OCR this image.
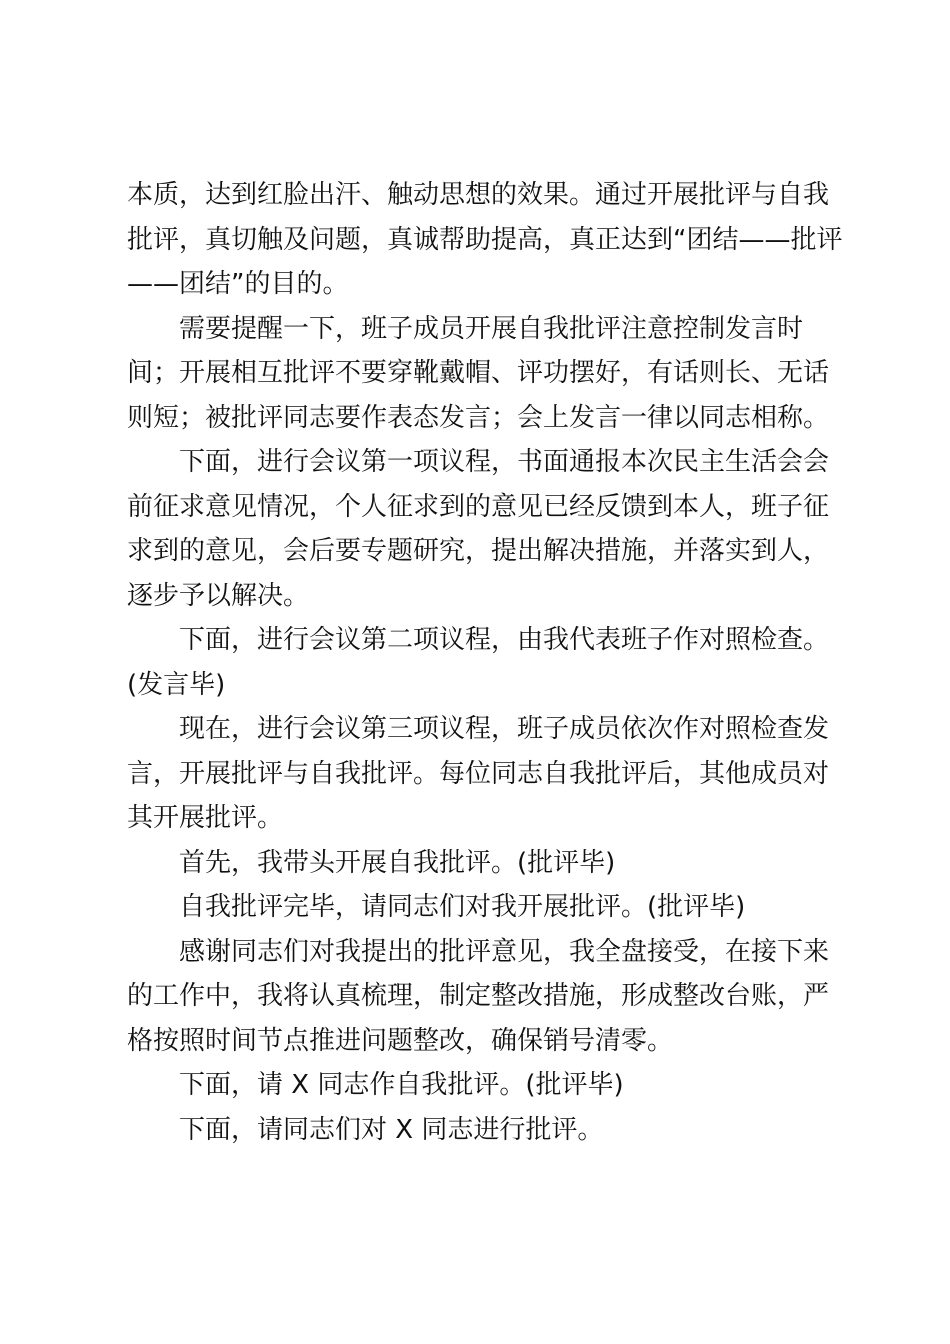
本质，达到红脸出汗、触动思想的效果。通过开展批评与自我
批评，真切触及问题，真诚帮助提高，真正达到“团结——批评
——团结”的目的。
需要提醒一下，班子成员开展自我批评注意控制发言时
间；开展相互批评不要穿靴戴帽、评功摆好，有话则长、无话
则短；被批评同志要作表态发言；会上发言一律以同志相称。
下面，进行会议第一项议程，书面通报本次民主生活会会
前征求意见情况，个人征求到的意见已经反馈到本人，班子征
求到的意见，会后要专题研究，提出解决措施，并落实到人，
逐步予以解决。
下面，进行会议第二项议程，由我代表班子作对照检查。
(发言毕)
现在，进行会议第三项议程，班子成员依次作对照检查发
言，开展批评与自我批评。每位同志自我批评后，其他成员对
其开展批评。
首先，我带头开展自我批评。(批评毕)
自我批评完毕，请同志们对我开展批评。(批评毕)
感谢同志们对我提出的批评意见，我全盘接受，在接下来
的工作中，我将认真梳理，制定整改措施，形成整改台账，严
格按照时间节点推进问题整改，确保销号清零。
下面，请 X 同志作自我批评。(批评毕)
下面，请同志们对 X 同志进行批评。
